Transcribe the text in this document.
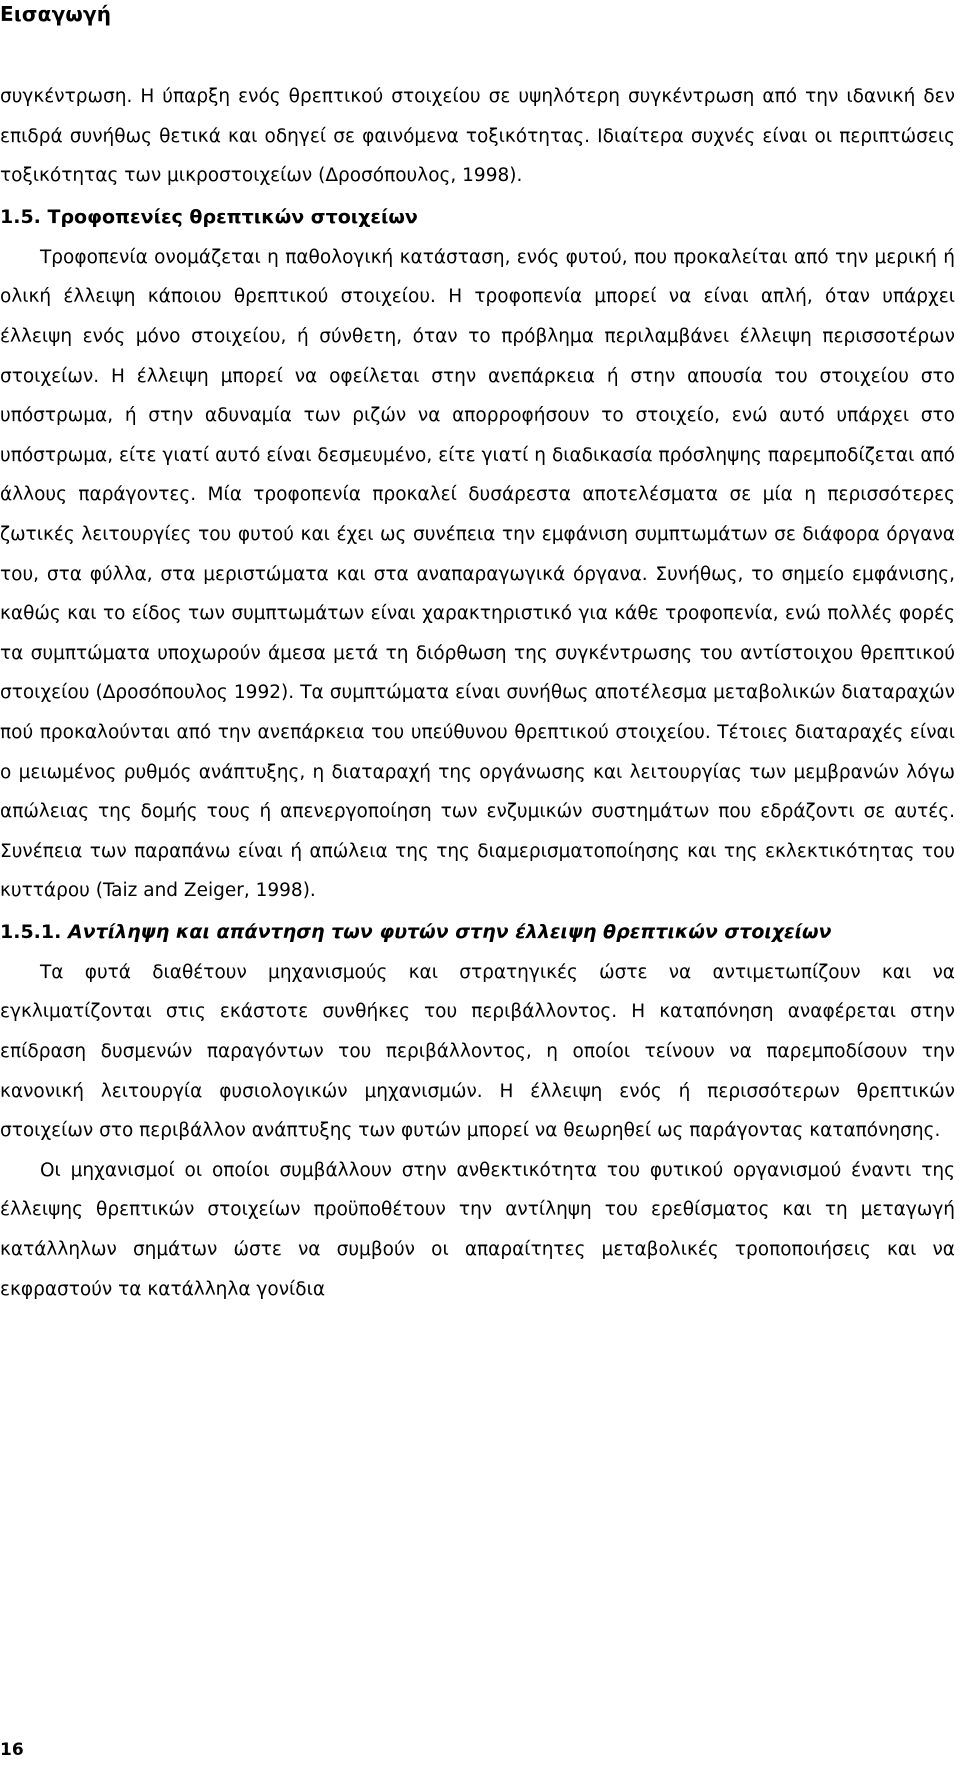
Εισαγωγή

συγκέντρωση. Η ύπαρξη ενός θρεπτικού στοιχείου σε υψηλότερη συγκέντρωση από την ιδανική δεν επιδρά συνήθως θετικά και οδηγεί σε φαινόμενα τοξικότητας. Ιδιαίτερα συχνές είναι οι περιπτώσεις τοξικότητας των μικροστοιχείων (Δροσόπουλος, 1998).

1.5. Τροφοπενίες θρεπτικών στοιχείων

Τροφοπενία ονομάζεται η παθολογική κατάσταση, ενός φυτού, που προκαλείται από την μερική ή ολική έλλειψη κάποιου θρεπτικού στοιχείου. Η τροφοπενία μπορεί να είναι απλή, όταν υπάρχει έλλειψη ενός μόνο στοιχείου, ή σύνθετη, όταν το πρόβλημα περιλαμβάνει έλλειψη περισσοτέρων στοιχείων. Η έλλειψη μπορεί να οφείλεται στην ανεπάρκεια ή στην απουσία του στοιχείου στο υπόστρωμα, ή στην αδυναμία των ριζών να απορροφήσουν το στοιχείο, ενώ αυτό υπάρχει στο υπόστρωμα, είτε γιατί αυτό είναι δεσμευμένο, είτε γιατί η διαδικασία πρόσληψης παρεμποδίζεται από άλλους παράγοντες. Μία τροφοπενία προκαλεί δυσάρεστα αποτελέσματα σε μία η περισσότερες ζωτικές λειτουργίες του φυτού και έχει ως συνέπεια την εμφάνιση συμπτωμάτων σε διάφορα όργανα του, στα φύλλα, στα μεριστώματα και στα αναπαραγωγικά όργανα. Συνήθως, το σημείο εμφάνισης, καθώς και το είδος των συμπτωμάτων είναι χαρακτηριστικό για κάθε τροφοπενία, ενώ πολλές φορές τα συμπτώματα υποχωρούν άμεσα μετά τη διόρθωση της συγκέντρωσης του αντίστοιχου θρεπτικού στοιχείου (Δροσόπουλος 1992). Τα συμπτώματα είναι συνήθως αποτέλεσμα μεταβολικών διαταραχών πού προκαλούνται από την ανεπάρκεια του υπεύθυνου θρεπτικού στοιχείου. Τέτοιες διαταραχές είναι ο μειωμένος ρυθμός ανάπτυξης, η διαταραχή της οργάνωσης και λειτουργίας των μεμβρανών λόγω απώλειας της δομής τους ή απενεργοποίηση των ενζυμικών συστημάτων που εδράζοντι σε αυτές. Συνέπεια των παραπάνω είναι ή απώλεια της της διαμερισματοποίησης και της εκλεκτικότητας του κυττάρου (Taiz and Zeiger, 1998).

1.5.1. Αντίληψη και απάντηση των φυτών στην έλλειψη θρεπτικών στοιχείων

Τα φυτά διαθέτουν μηχανισμούς και στρατηγικές ώστε να αντιμετωπίζουν και να εγκλιματίζονται στις εκάστοτε συνθήκες του περιβάλλοντος. Η καταπόνηση αναφέρεται στην επίδραση δυσμενών παραγόντων του περιβάλλοντος, η οποίοι τείνουν να παρεμποδίσουν την κανονική λειτουργία φυσιολογικών μηχανισμών. Η έλλειψη ενός ή περισσότερων θρεπτικών στοιχείων στο περιβάλλον ανάπτυξης των φυτών μπορεί να θεωρηθεί ως παράγοντας καταπόνησης.

Οι μηχανισμοί οι οποίοι συμβάλλουν στην ανθεκτικότητα του φυτικού οργανισμού έναντι της έλλειψης θρεπτικών στοιχείων προϋποθέτουν την αντίληψη του ερεθίσματος και τη μεταγωγή κατάλληλων σημάτων ώστε να συμβούν οι απαραίτητες μεταβολικές τροποποιήσεις και να εκφραστούν τα κατάλληλα γονίδια

16
